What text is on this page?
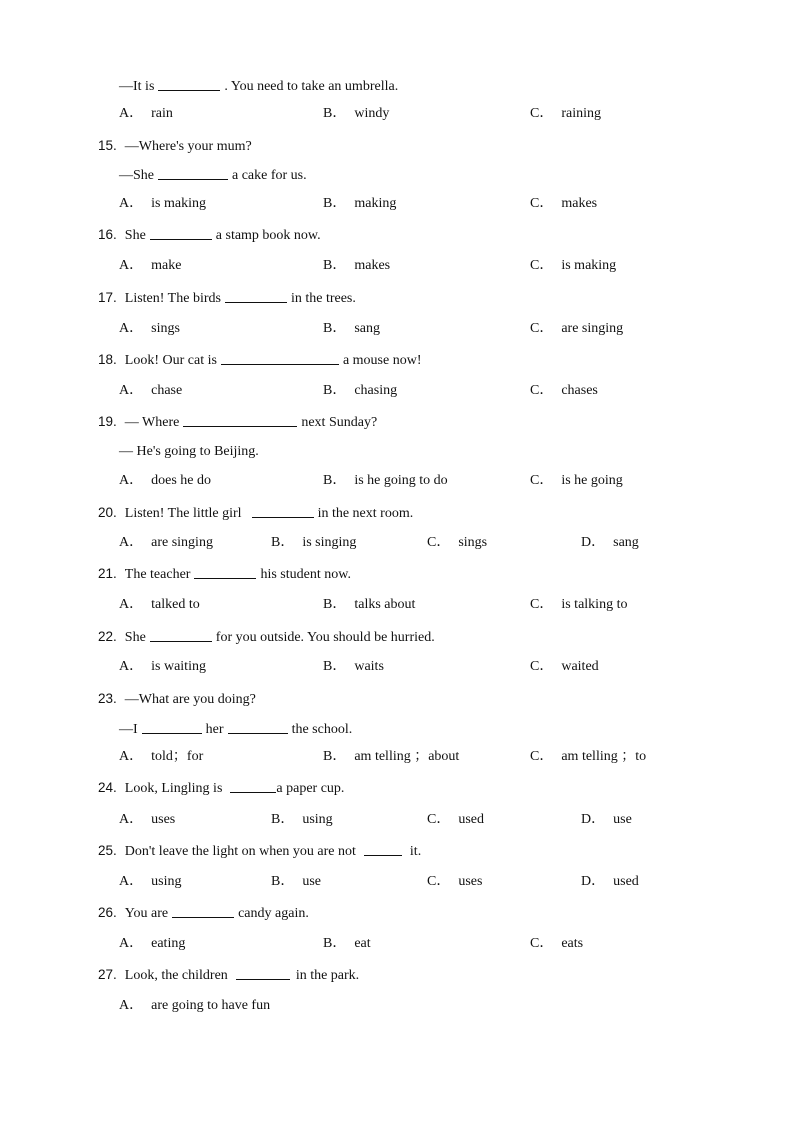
—It is	. You need to take an umbrella.
A． rain	B． windy	C． raining
15. —Where's your mum?
—She	a cake for us.
A． is making	B． making	C． makes
16. She	a stamp book now.
A． make	B． makes	C． is making
17. Listen! The birds	in the trees.
A． sings	B． sang	C． are singing
18. Look! Our cat is	a mouse now!
A． chase	B． chasing	C． chases
19. — Where	next Sunday?
— He's going to Beijing.
A． does he do	B． is he going to do	C． is he going
20. Listen! The little girl	in the next room.
A． are singing	B． is singing	C． sings	D． sang
21. The teacher	his student now.
A． talked to	B． talks about	C． is talking to
22. She	for you outside. You should be hurried.
A． is waiting	B． waits	C． waited
23. —What are you doing?
—I	her	the school.
A． told；for	B． am telling ；about	C． am telling ；to
24. Look, Lingling is	a paper cup.
A． uses	B． using	C． used	D． use
25. Don't leave the light on when you are not	it.
A． using	B． use	C． uses	D． used
26. You are	candy again.
A． eating	B． eat	C． eats
27. Look, the children	in the park.
A． are going to have fun
